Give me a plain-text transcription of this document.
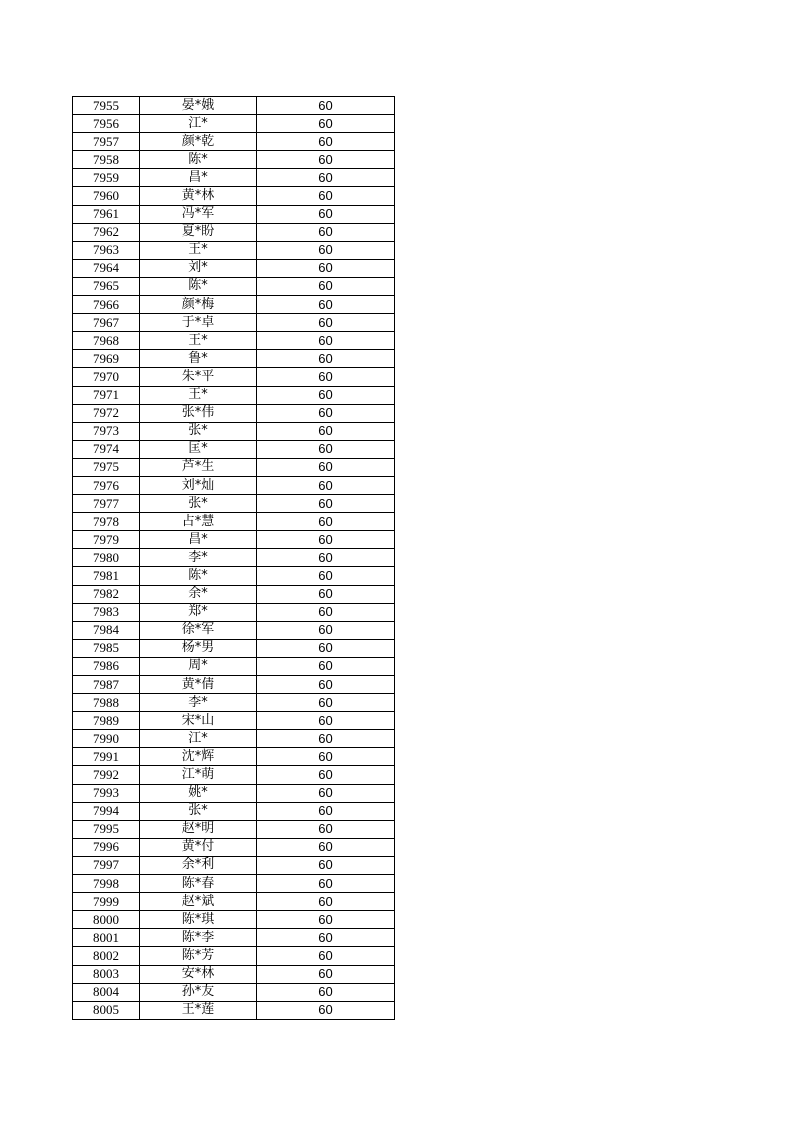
7955	晏*娥	60
7956	江*	60
7957	颜*乾	60
7958	陈*	60
7959	昌*	60
7960	黄*林	60
7961	冯*军	60
7962	夏*盼	60
7963	王*	60
7964	刘*	60
7965	陈*	60
7966	颜*梅	60
7967	于*卓	60
7968	王*	60
7969	鲁*	60
7970	朱*平	60
7971	王*	60
7972	张*伟	60
7973	张*	60
7974	匡*	60
7975	芦*生	60
7976	刘*灿	60
7977	张*	60
7978	占*慧	60
7979	昌*	60
7980	李*	60
7981	陈*	60
7982	余*	60
7983	郑*	60
7984	徐*军	60
7985	杨*男	60
7986	周*	60
7987	黄*倩	60
7988	李*	60
7989	宋*山	60
7990	江*	60
7991	沈*辉	60
7992	江*萌	60
7993	姚*	60
7994	张*	60
7995	赵*明	60
7996	黄*付	60
7997	余*利	60
7998	陈*春	60
7999	赵*斌	60
8000	陈*琪	60
8001	陈*李	60
8002	陈*芳	60
8003	安*林	60
8004	孙*友	60
8005	王*莲	60
